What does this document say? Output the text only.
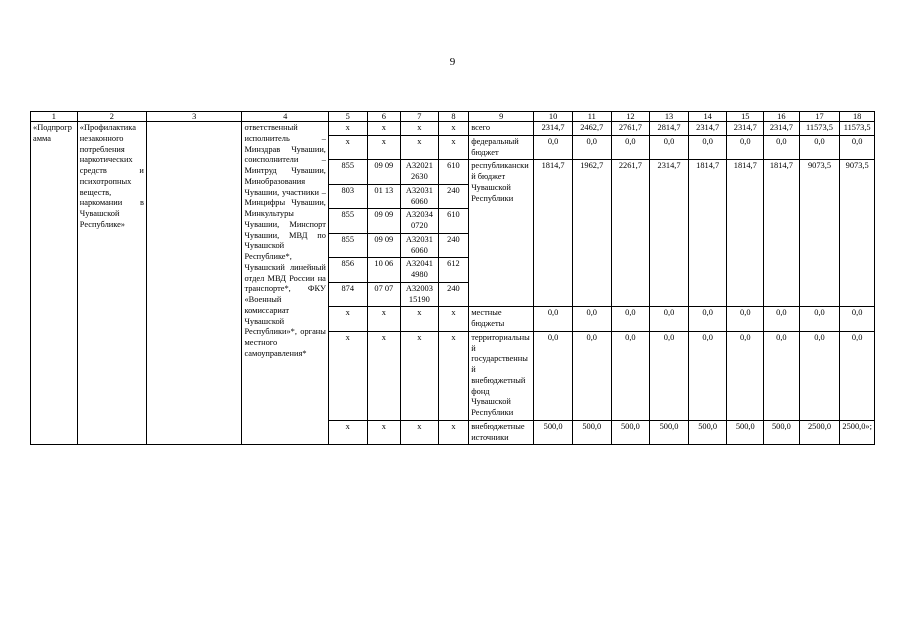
9
1	2	3	4	5	6	7	8	9	10	11	12	13	14	15	16	17	18
«Подпрограмма	«Профилактика незаконного потребления наркотических средств и психотропных веществ, наркомании в Чувашской Республике»		ответственный исполнитель – Минздрав Чувашии, соисполнители – Минтруд Чувашии, Минобразования Чувашии, участники – Минцифры Чувашии, Минкультуры Чувашии, Минспорт Чувашии, МВД по Чувашской Республике*, Чувашский линейный отдел МВД России на транспорте*, ФКУ «Военный комиссариат Чувашской Республики»*, органы местного самоуправления*	x	x	x	x	всего	2314,7	2462,7	2761,7	2814,7	2314,7	2314,7	2314,7	11573,5	11573,5
				x	x	x	x	федеральный бюджет	0,0	0,0	0,0	0,0	0,0	0,0	0,0	0,0	0,0
				855	09 09	А32021 2630	610	республиканский бюджет Чувашской Республики	1814,7	1962,7	2261,7	2314,7	1814,7	1814,7	1814,7	9073,5	9073,5
				803	01 13	А32031 6060	240										
				855	09 09	А32034 0720	610										
				855	09 09	А32031 6060	240										
				856	10 06	А32041 4980	612										
				874	07 07	А32003 15190	240										
				x	x	x	x	местные бюджеты	0,0	0,0	0,0	0,0	0,0	0,0	0,0	0,0	0,0
				x	x	x	x	территориальный государственный внебюджетный фонд Чувашской Республики	0,0	0,0	0,0	0,0	0,0	0,0	0,0	0,0	0,0
				x	x	x	x	внебюджетные источники	500,0	500,0	500,0	500,0	500,0	500,0	500,0	2500,0	2500,0»;
